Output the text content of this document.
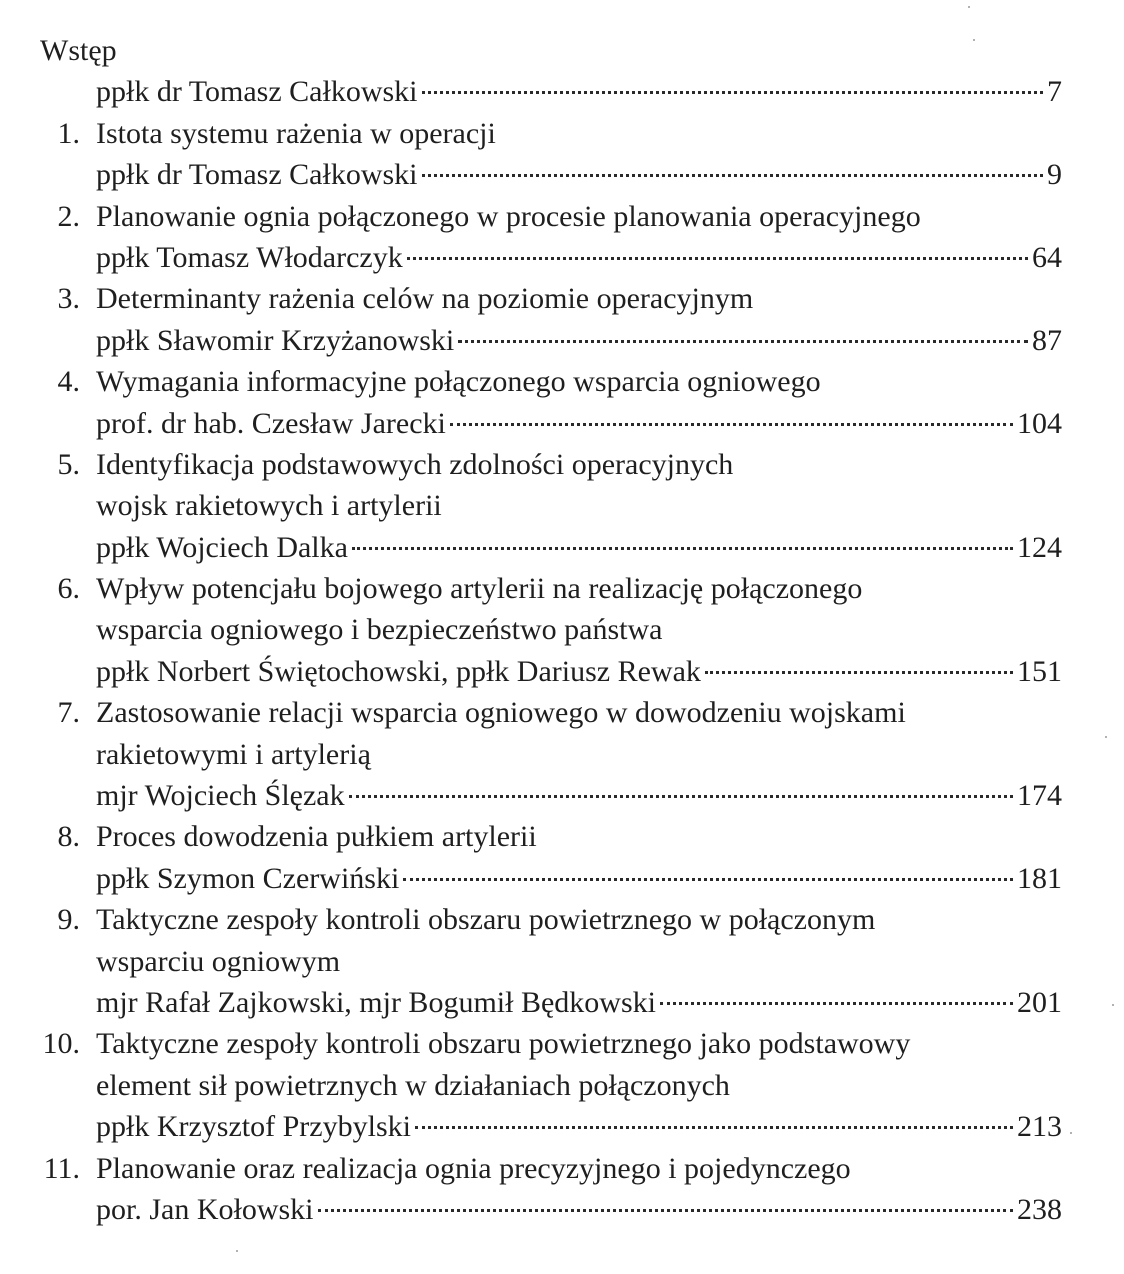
Wstęp
ppłk dr Tomasz Całkowski	7
1. Istota systemu rażenia w operacji
ppłk dr Tomasz Całkowski	9
2. Planowanie ognia połączonego w procesie planowania operacyjnego
ppłk Tomasz Włodarczyk	64
3. Determinanty rażenia celów na poziomie operacyjnym
ppłk Sławomir Krzyżanowski	87
4. Wymagania informacyjne połączonego wsparcia ogniowego
prof. dr hab. Czesław Jarecki	104
5. Identyfikacja podstawowych zdolności operacyjnych
wojsk rakietowych i artylerii
ppłk Wojciech Dalka	124
6. Wpływ potencjału bojowego artylerii na realizację połączonego
wsparcia ogniowego i bezpieczeństwo państwa
ppłk Norbert Świętochowski, ppłk Dariusz Rewak	151
7. Zastosowanie relacji wsparcia ogniowego w dowodzeniu wojskami
rakietowymi i artylerią
mjr Wojciech Ślęzak	174
8. Proces dowodzenia pułkiem artylerii
ppłk Szymon Czerwiński	181
9. Taktyczne zespoły kontroli obszaru powietrznego w połączonym
wsparciu ogniowym
mjr Rafał Zajkowski, mjr Bogumił Będkowski	201
10. Taktyczne zespoły kontroli obszaru powietrznego jako podstawowy
element sił powietrznych w działaniach połączonych
ppłk Krzysztof Przybylski	213
11. Planowanie oraz realizacja ognia precyzyjnego i pojedynczego
por. Jan Kołowski	238
